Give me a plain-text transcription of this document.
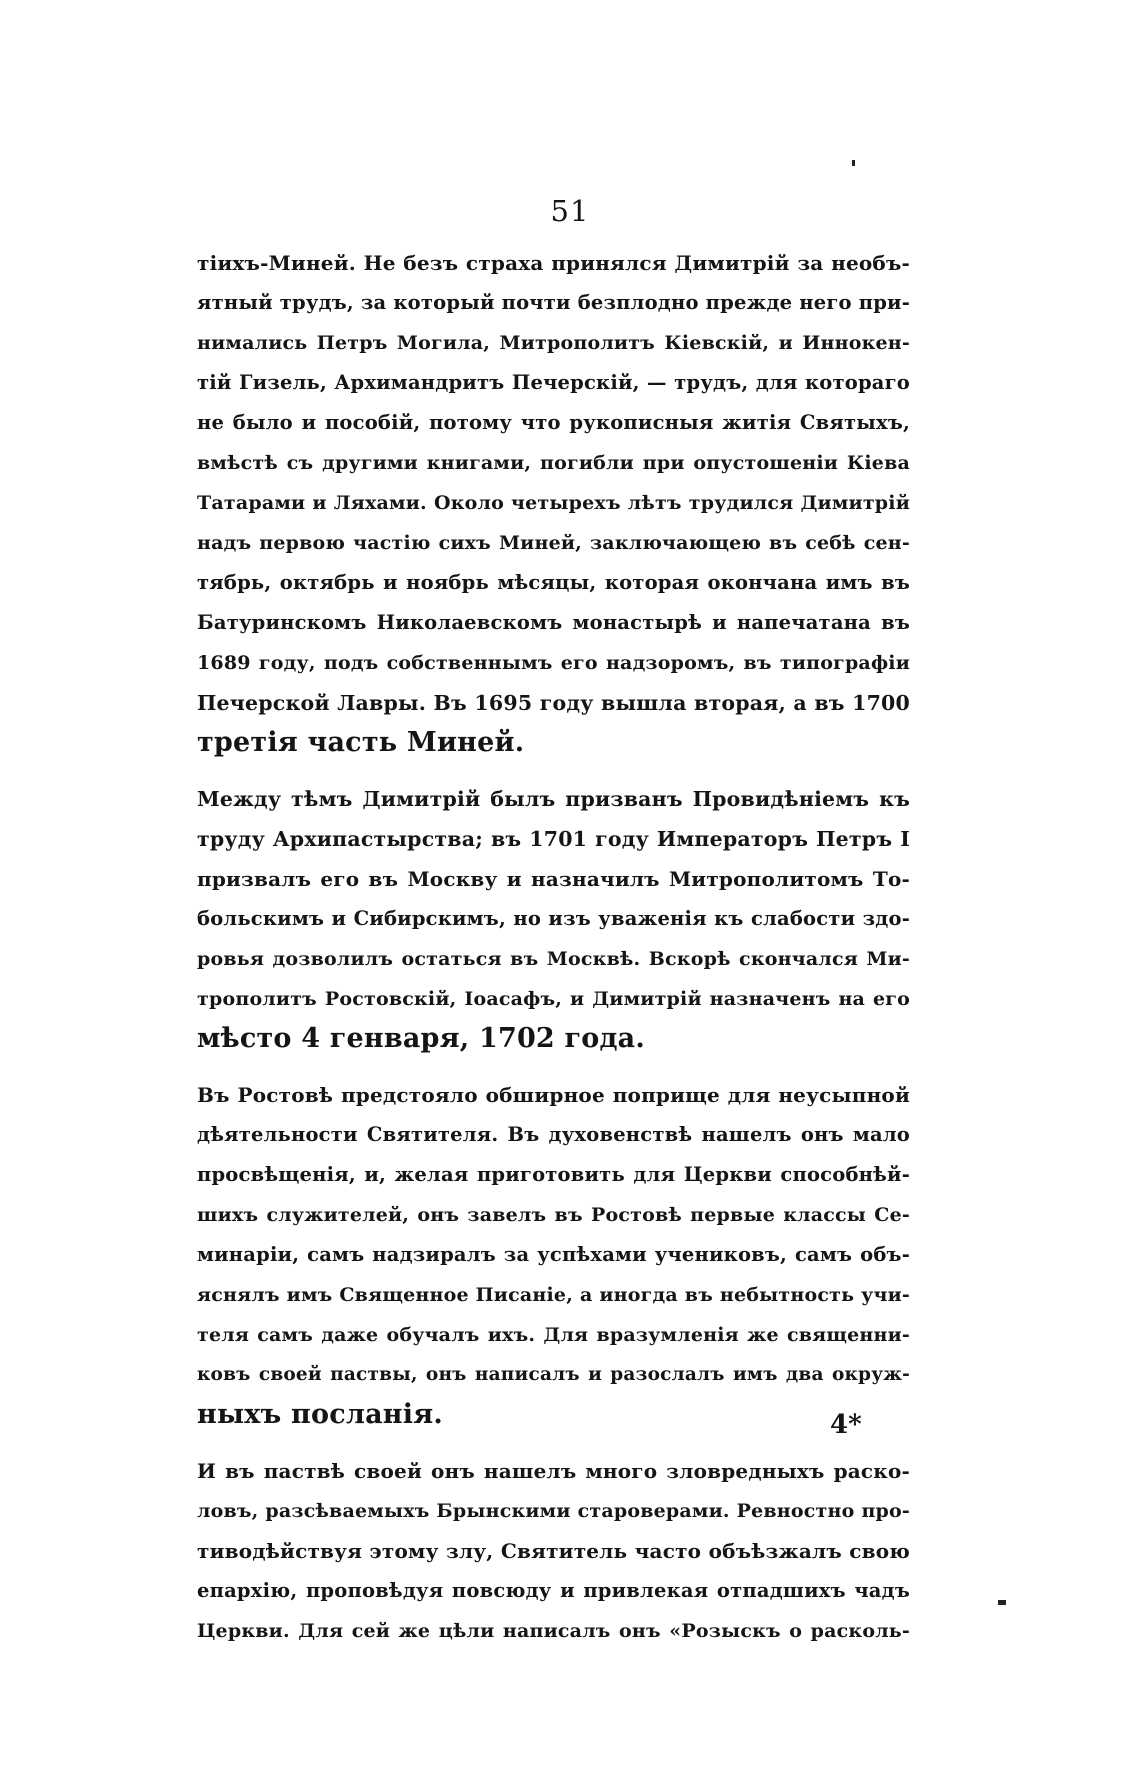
51
тіихъ-Миней. Не безъ страха принялся Димитрій за необъ-
ятный трудъ, за который почти безплодно прежде него при-
нимались Петръ Могила, Митрополитъ Кіевскій, и Иннокен-
тій Гизель, Архимандритъ Печерскій, — трудъ, для котораго
не было и пособій, потому что рукописныя житія Святыхъ,
вмѣстѣ съ другими книгами, погибли при опустошеніи Кіева
Татарами и Ляхами. Около четырехъ лѣтъ трудился Димитрій
надъ первою частію сихъ Миней, заключающею въ себѣ сен-
тябрь, октябрь и ноябрь мѣсяцы, которая окончана имъ въ
Батуринскомъ Николаевскомъ монастырѣ и напечатана въ
1689 году, подъ собственнымъ его надзоромъ, въ типографіи
Печерской Лавры. Въ 1695 году вышла вторая, а въ 1700
третія часть Миней.
Между тѣмъ Димитрій былъ призванъ Провидѣніемъ къ
труду Архипастырства; въ 1701 году Императоръ Петръ I
призвалъ его въ Москву и назначилъ Митрополитомъ То-
больскимъ и Сибирскимъ, но изъ уваженія къ слабости здо-
ровья дозволилъ остаться въ Москвѣ. Вскорѣ скончался Ми-
трополитъ Ростовскій, Іоасафъ, и Димитрій назначенъ на его
мѣсто 4 генваря, 1702 года.
Въ Ростовѣ предстояло обширное поприще для неусыпной
дѣятельности Святителя. Въ духовенствѣ нашелъ онъ мало
просвѣщенія, и, желая приготовить для Церкви способнѣй-
шихъ служителей, онъ завелъ въ Ростовѣ первые классы Се-
минаріи, самъ надзиралъ за успѣхами учениковъ, самъ объ-
яснялъ имъ Священное Писаніе, а иногда въ небытность учи-
теля самъ даже обучалъ ихъ. Для вразумленія же священни-
ковъ своей паствы, онъ написалъ и разослалъ имъ два окруж-
ныхъ посланія.
И въ паствѣ своей онъ нашелъ много зловредныхъ раско-
ловъ, разсѣваемыхъ Брынскими староверами. Ревностно про-
тиводѣйствуя этому злу, Святитель часто объѣзжалъ свою
епархію, проповѣдуя повсюду и привлекая отпадшихъ чадъ
Церкви. Для сей же цѣли написалъ онъ «Розыскъ о расколь-
4*
